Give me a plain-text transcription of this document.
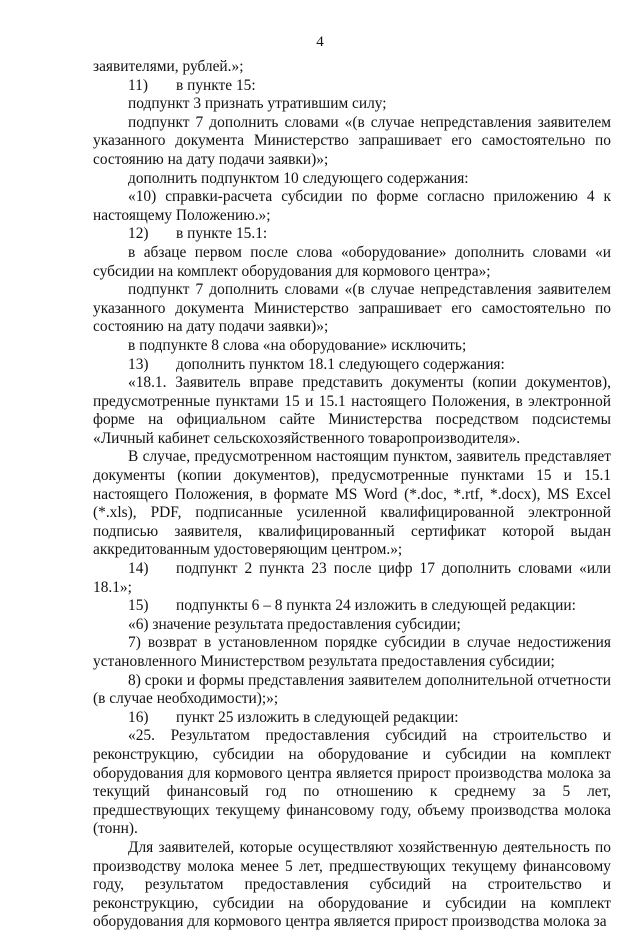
4

заявителями, рублей.»;

11) в пункте 15:

подпункт 3 признать утратившим силу;

подпункт 7 дополнить словами «(в случае непредставления заявителем указанного документа Министерство запрашивает его самостоятельно по состоянию на дату подачи заявки)»;

дополнить подпунктом 10 следующего содержания:

«10) справки-расчета субсидии по форме согласно приложению 4 к настоящему Положению.»;

12) в пункте 15.1:

в абзаце первом после слова «оборудование» дополнить словами «и субсидии на комплект оборудования для кормового центра»;

подпункт 7 дополнить словами «(в случае непредставления заявителем указанного документа Министерство запрашивает его самостоятельно по состоянию на дату подачи заявки)»;

в подпункте 8 слова «на оборудование» исключить;

13) дополнить пунктом 18.1 следующего содержания:

«18.1. Заявитель вправе представить документы (копии документов), предусмотренные пунктами 15 и 15.1 настоящего Положения, в электронной форме на официальном сайте Министерства посредством подсистемы «Личный кабинет сельскохозяйственного товаропроизводителя».

В случае, предусмотренном настоящим пунктом, заявитель представляет документы (копии документов), предусмотренные пунктами 15 и 15.1 настоящего Положения, в формате MS Word (*.doc, *.rtf, *.docx), MS Excel (*.xls), PDF, подписанные усиленной квалифицированной электронной подписью заявителя, квалифицированный сертификат которой выдан аккредитованным удостоверяющим центром.»;

14) подпункт 2 пункта 23 после цифр 17 дополнить словами «или 18.1»;

15) подпункты 6 – 8 пункта 24 изложить в следующей редакции:

«6) значение результата предоставления субсидии;

7) возврат в установленном порядке субсидии в случае недостижения установленного Министерством результата предоставления субсидии;

8) сроки и формы представления заявителем дополнительной отчетности (в случае необходимости);»;

16) пункт 25 изложить в следующей редакции:

«25. Результатом предоставления субсидий на строительство и реконструкцию, субсидии на оборудование и субсидии на комплект оборудования для кормового центра является прирост производства молока за текущий финансовый год по отношению к среднему за 5 лет, предшествующих текущему финансовому году, объему производства молока (тонн).

Для заявителей, которые осуществляют хозяйственную деятельность по производству молока менее 5 лет, предшествующих текущему финансовому году, результатом предоставления субсидий на строительство и реконструкцию, субсидии на оборудование и субсидии на комплект оборудования для кормового центра является прирост производства молока за
